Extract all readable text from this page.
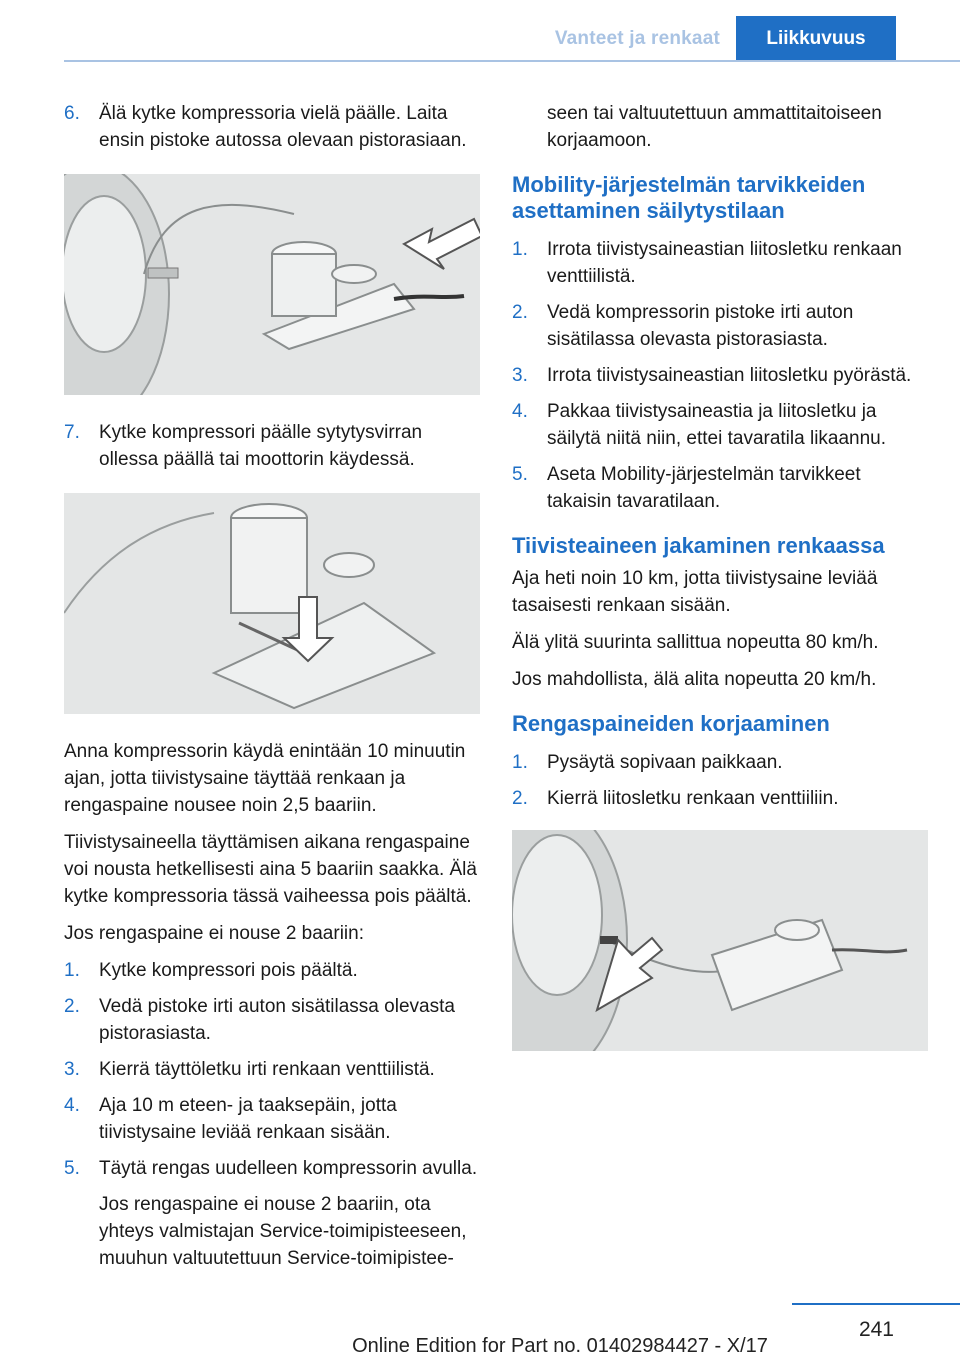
Vanteet ja renkaat	Liikkuvuus
6. Älä kytke kompressoria vielä päälle. Laita ensin pistoke autossa olevaan pistorasiaan.
7. Kytke kompressori päälle sytytysvirran ollessa päällä tai moottorin käydessä.

Anna kompressorin käydä enintään 10 minuutin ajan, jotta tiivistysaine täyttää renkaan ja rengaspaine nousee noin 2,5 baariin.

Tiivistysaineella täyttämisen aikana rengaspaine voi nousta hetkellisesti aina 5 baariin saakka. Älä kytke kompressoria tässä vaiheessa pois päältä.

Jos rengaspaine ei nouse 2 baariin:

1. Kytke kompressori pois päältä.
2. Vedä pistoke irti auton sisätilassa olevasta pistorasiasta.
3. Kierrä täyttöletku irti renkaan venttiilistä.
4. Aja 10 m eteen- ja taaksepäin, jotta tiivistysaine leviää renkaan sisään.
5. Täytä rengas uudelleen kompressorin avulla.
Jos rengaspaine ei nouse 2 baariin, ota yhteys valmistajan Service-toimipisteeseen, muuhun valtuutettuun Service-toimipistee-

seen tai valtuutettuun ammattitaitoiseen korjaamoon.

Mobility-järjestelmän tarvikkeiden asettaminen säilytystilaan
1. Irrota tiivistysaineastian liitosletku renkaan venttiilistä.
2. Vedä kompressorin pistoke irti auton sisätilassa olevasta pistorasiasta.
3. Irrota tiivistysaineastian liitosletku pyörästä.
4. Pakkaa tiivistysaineastia ja liitosletku ja säilytä niitä niin, ettei tavaratila likaannu.
5. Aseta Mobility-järjestelmän tarvikkeet takaisin tavaratilaan.
Tiivisteaineen jakaminen renkaassa

Aja heti noin 10 km, jotta tiivistysaine leviää tasaisesti renkaan sisään.

Älä ylitä suurinta sallittua nopeutta 80 km/h.

Jos mahdollista, älä alita nopeutta 20 km/h.

Rengaspaineiden korjaaminen
1. Pysäytä sopivaan paikkaan.
2. Kierrä liitosletku renkaan venttiiliin.
241
Online Edition for Part no. 01402984427 - X/17
